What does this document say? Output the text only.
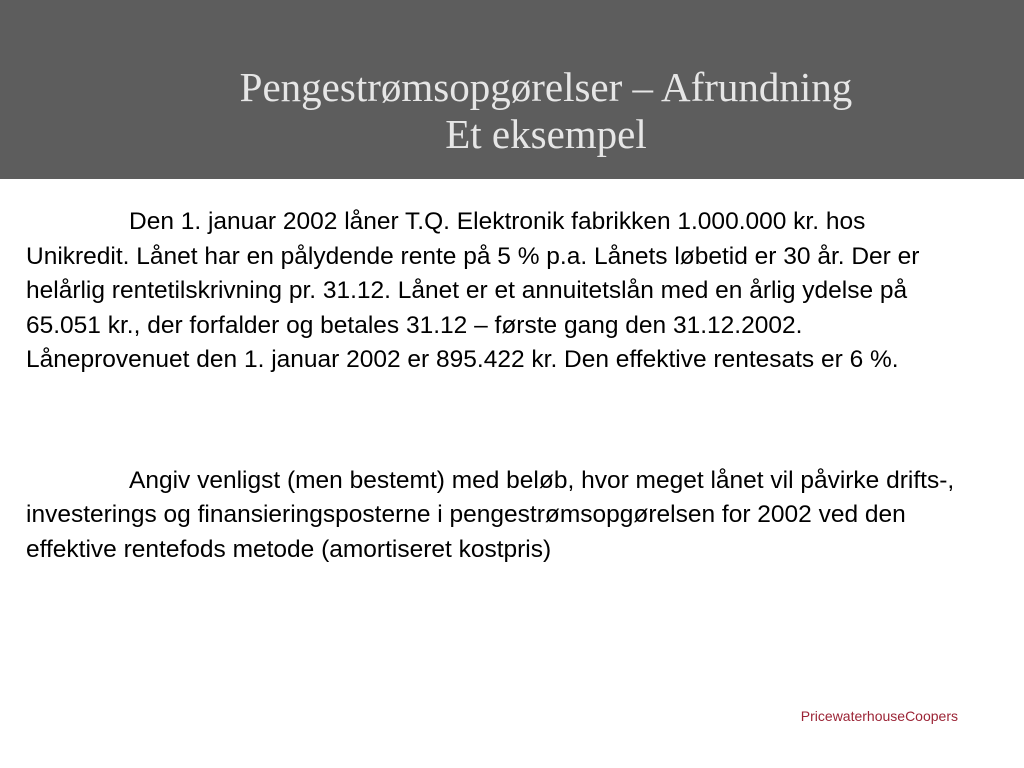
Pengestrømsopgørelser – Afrundning
Et eksempel

Den 1. januar 2002 låner T.Q. Elektronik fabrikken 1.000.000 kr. hos Unikredit. Lånet har en pålydende rente på 5 % p.a. Lånets løbetid er 30 år. Der er helårlig rentetilskrivning pr. 31.12. Lånet er et annuitetslån med en årlig ydelse på 65.051 kr., der forfalder og betales 31.12 – første gang den 31.12.2002. Låneprovenuet den 1. januar 2002 er 895.422 kr. Den effektive rentesats er 6 %.

Angiv venligst (men bestemt) med beløb, hvor meget lånet vil påvirke drifts-, investerings og finansieringsposterne i pengestrømsopgørelsen for 2002 ved den effektive rentefods metode (amortiseret kostpris)

PricewaterhouseCoopers
